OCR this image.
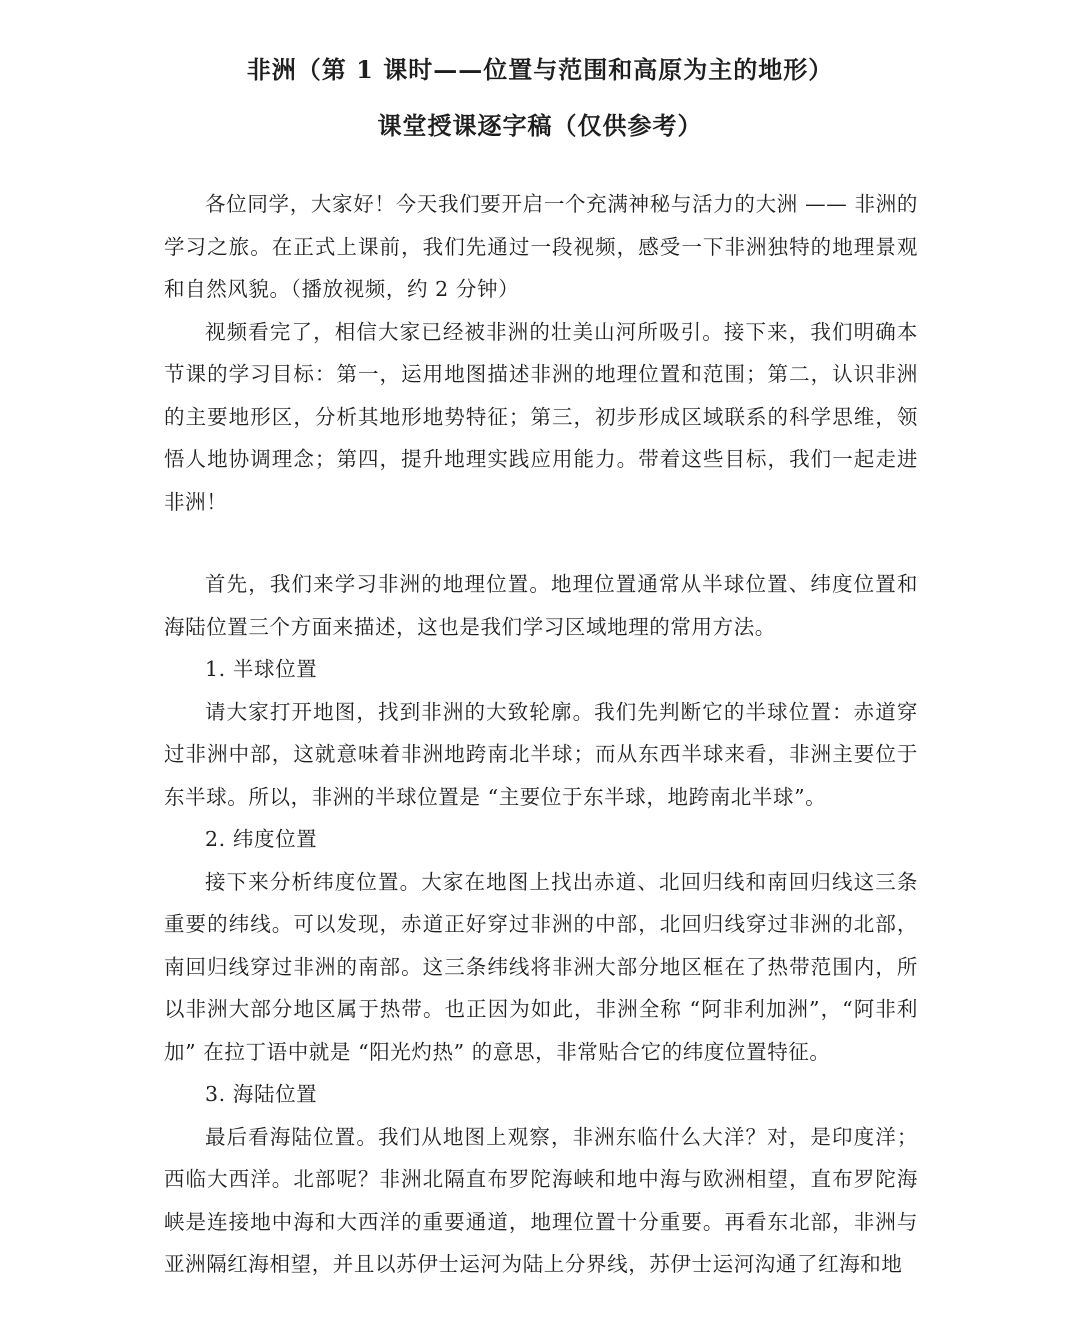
非洲（第 1 课时——位置与范围和高原为主的地形）
课堂授课逐字稿（仅供参考）

各位同学，大家好！今天我们要开启一个充满神秘与活力的大洲 —— 非洲的学习之旅。在正式上课前，我们先通过一段视频，感受一下非洲独特的地理景观和自然风貌。（播放视频，约 2 分钟）

视频看完了，相信大家已经被非洲的壮美山河所吸引。接下来，我们明确本节课的学习目标：第一，运用地图描述非洲的地理位置和范围；第二，认识非洲的主要地形区，分析其地形地势特征；第三，初步形成区域联系的科学思维，领悟人地协调理念；第四，提升地理实践应用能力。带着这些目标，我们一起走进非洲！

首先，我们来学习非洲的地理位置。地理位置通常从半球位置、纬度位置和海陆位置三个方面来描述，这也是我们学习区域地理的常用方法。

1. 半球位置

请大家打开地图，找到非洲的大致轮廓。我们先判断它的半球位置：赤道穿过非洲中部，这就意味着非洲地跨南北半球；而从东西半球来看，非洲主要位于东半球。所以，非洲的半球位置是 “主要位于东半球，地跨南北半球”。

2. 纬度位置

接下来分析纬度位置。大家在地图上找出赤道、北回归线和南回归线这三条重要的纬线。可以发现，赤道正好穿过非洲的中部，北回归线穿过非洲的北部，南回归线穿过非洲的南部。这三条纬线将非洲大部分地区框在了热带范围内，所以非洲大部分地区属于热带。也正因为如此，非洲全称 “阿非利加洲”，“阿非利加” 在拉丁语中就是 “阳光灼热” 的意思，非常贴合它的纬度位置特征。

3. 海陆位置

最后看海陆位置。我们从地图上观察，非洲东临什么大洋？对，是印度洋；西临大西洋。北部呢？非洲北隔直布罗陀海峡和地中海与欧洲相望，直布罗陀海峡是连接地中海和大西洋的重要通道，地理位置十分重要。再看东北部，非洲与亚洲隔红海相望，并且以苏伊士运河为陆上分界线，苏伊士运河沟通了红海和地
